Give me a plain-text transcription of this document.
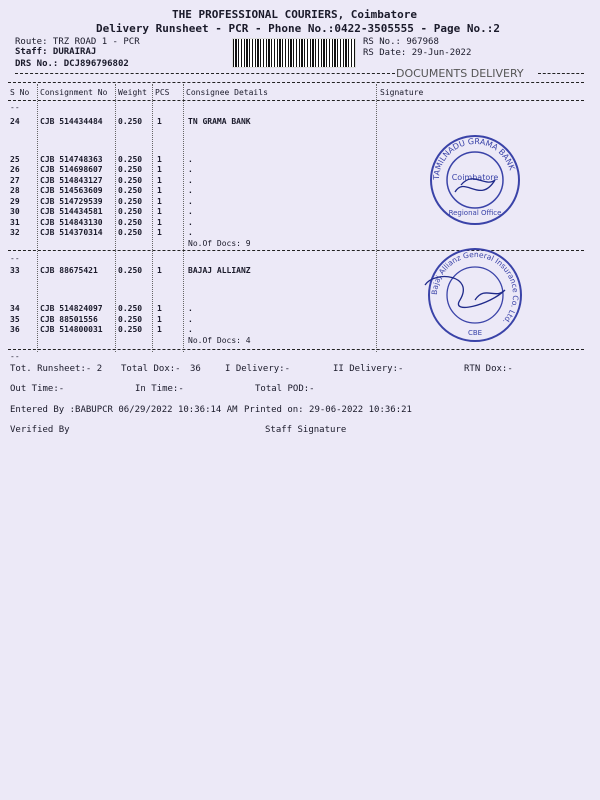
THE PROFESSIONAL COURIERS, Coimbatore
Delivery Runsheet - PCR - Phone No.:0422-3505555 - Page No.:2
Route: TRZ ROAD 1 - PCR
Staff: DURAIRAJ
DRS No.: DCJ896796802
RS No.: 967968
RS Date: 29-Jun-2022
DOCUMENTS DELIVERY
S No Consignment No Weight PCS Consignee Details	Signature
--
24	CJB 514434484 0.250 1	TN GRAMA BANK
25	CJB 514748363 0.250 1	.
26	CJB 514698607 0.250 1	.
27	CJB 514843127 0.250 1	.
28	CJB 514563609 0.250 1	.
29	CJB 514729539 0.250 1	.
30	CJB 514434581 0.250 1	.
31	CJB 514843130 0.250 1	.
32	CJB 514370314 0.250 1	.
No.Of Docs: 9
--
33	CJB 88675421	0.250 1	BAJAJ ALLIANZ
34	CJB 514824097 0.250 1	.
35	CJB 88501556	0.250 1	.
36	CJB 514800031 0.250 1	.
No.Of Docs: 4
--
TAMILNADU GRAMA BANK
Coimbatore
Regional Office
Bajaj Allianz General Insurance Co. Ltd.
CBE
Tot. Runsheet:- 2 Total Dox:- 36	I Delivery:-	II Delivery:-	RTN Dox:-
Out Time:-	In Time:-	Total POD:-
Entered By :BABUPCR 06/29/2022 10:36:14 AM Printed on: 29-06-2022 10:36:21
Verified By	Staff Signature
